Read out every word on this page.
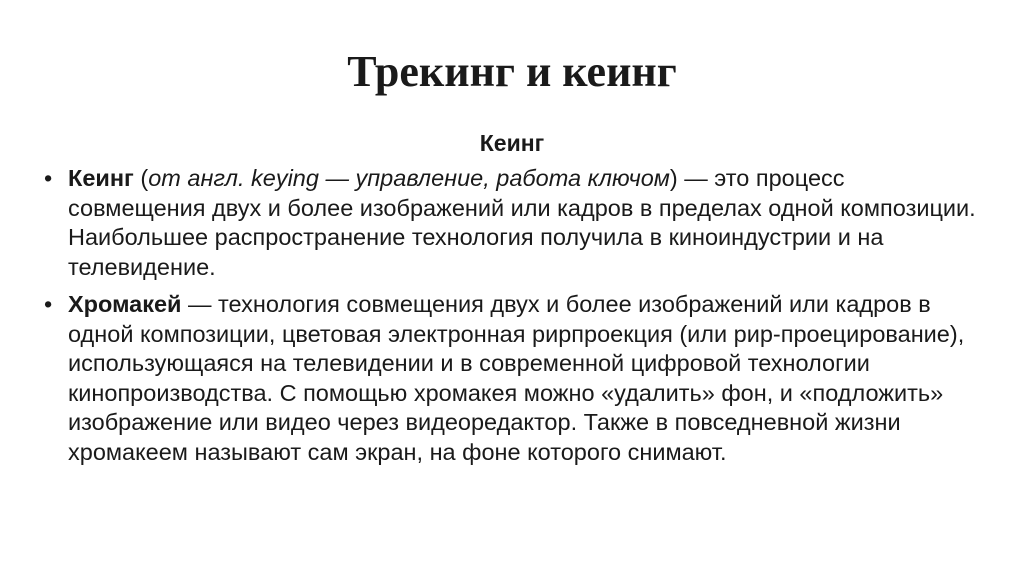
Трекинг и кеинг
Кеинг
• Кеинг (от англ. keying — управление, работа ключом) — это процесс совмещения двух и более изображений или кадров в пределах одной композиции. Наибольшее распространение технология получила в киноиндустрии и на телевидение.
• Хромакей — технология совмещения двух и более изображений или кадров в одной композиции, цветовая электронная рирпроекция (или рир-проецирование), использующаяся на телевидении и в современной цифровой технологии кинопроизводства. С помощью хромакея можно «удалить» фон, и «подложить» изображение или видео через видеоредактор. Также в повседневной жизни хромакеем называют сам экран, на фоне которого снимают.
